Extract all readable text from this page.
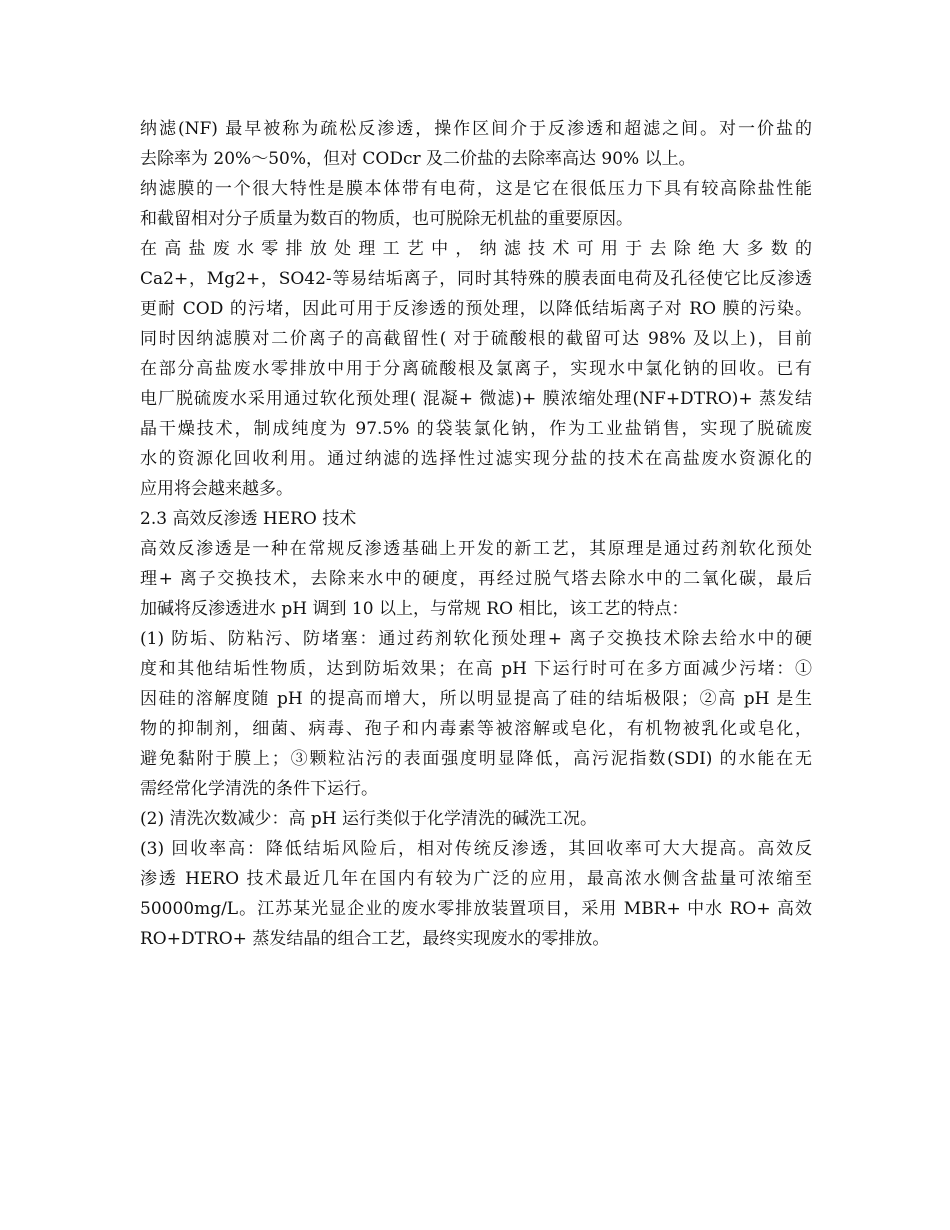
纳滤(NF) 最早被称为疏松反渗透，操作区间介于反渗透和超滤之间。对一价盐的
去除率为 20%～50%，但对 CODcr 及二价盐的去除率高达 90% 以上。
纳滤膜的一个很大特性是膜本体带有电荷，这是它在很低压力下具有较高除盐性能
和截留相对分子质量为数百的物质，也可脱除无机盐的重要原因。
在高盐废水零排放处理工艺中，纳滤技术可用于去除绝大多数的
Ca2+，Mg2+，SO42-等易结垢离子，同时其特殊的膜表面电荷及孔径使它比反渗透
更耐 COD 的污堵，因此可用于反渗透的预处理，以降低结垢离子对 RO 膜的污染。
同时因纳滤膜对二价离子的高截留性( 对于硫酸根的截留可达 98% 及以上)，目前
在部分高盐废水零排放中用于分离硫酸根及氯离子，实现水中氯化钠的回收。已有
电厂脱硫废水采用通过软化预处理( 混凝+ 微滤)+ 膜浓缩处理(NF+DTRO)+ 蒸发结
晶干燥技术，制成纯度为 97.5% 的袋装氯化钠，作为工业盐销售，实现了脱硫废
水的资源化回收利用。通过纳滤的选择性过滤实现分盐的技术在高盐废水资源化的
应用将会越来越多。
2.3 高效反渗透 HERO 技术
高效反渗透是一种在常规反渗透基础上开发的新工艺，其原理是通过药剂软化预处
理+ 离子交换技术，去除来水中的硬度，再经过脱气塔去除水中的二氧化碳，最后
加碱将反渗透进水 pH 调到 10 以上，与常规 RO 相比，该工艺的特点：
(1) 防垢、防粘污、防堵塞：通过药剂软化预处理+ 离子交换技术除去给水中的硬
度和其他结垢性物质，达到防垢效果；在高 pH 下运行时可在多方面减少污堵：①
因硅的溶解度随 pH 的提高而增大，所以明显提高了硅的结垢极限；②高 pH 是生
物的抑制剂，细菌、病毒、孢子和内毒素等被溶解或皂化，有机物被乳化或皂化，
避免黏附于膜上；③颗粒沾污的表面强度明显降低，高污泥指数(SDI) 的水能在无
需经常化学清洗的条件下运行。
(2) 清洗次数减少：高 pH 运行类似于化学清洗的碱洗工况。
(3) 回收率高：降低结垢风险后，相对传统反渗透，其回收率可大大提高。高效反
渗透 HERO 技术最近几年在国内有较为广泛的应用，最高浓水侧含盐量可浓缩至
50000mg/L。江苏某光显企业的废水零排放装置项目，采用 MBR+ 中水 RO+ 高效
RO+DTRO+ 蒸发结晶的组合工艺，最终实现废水的零排放。
